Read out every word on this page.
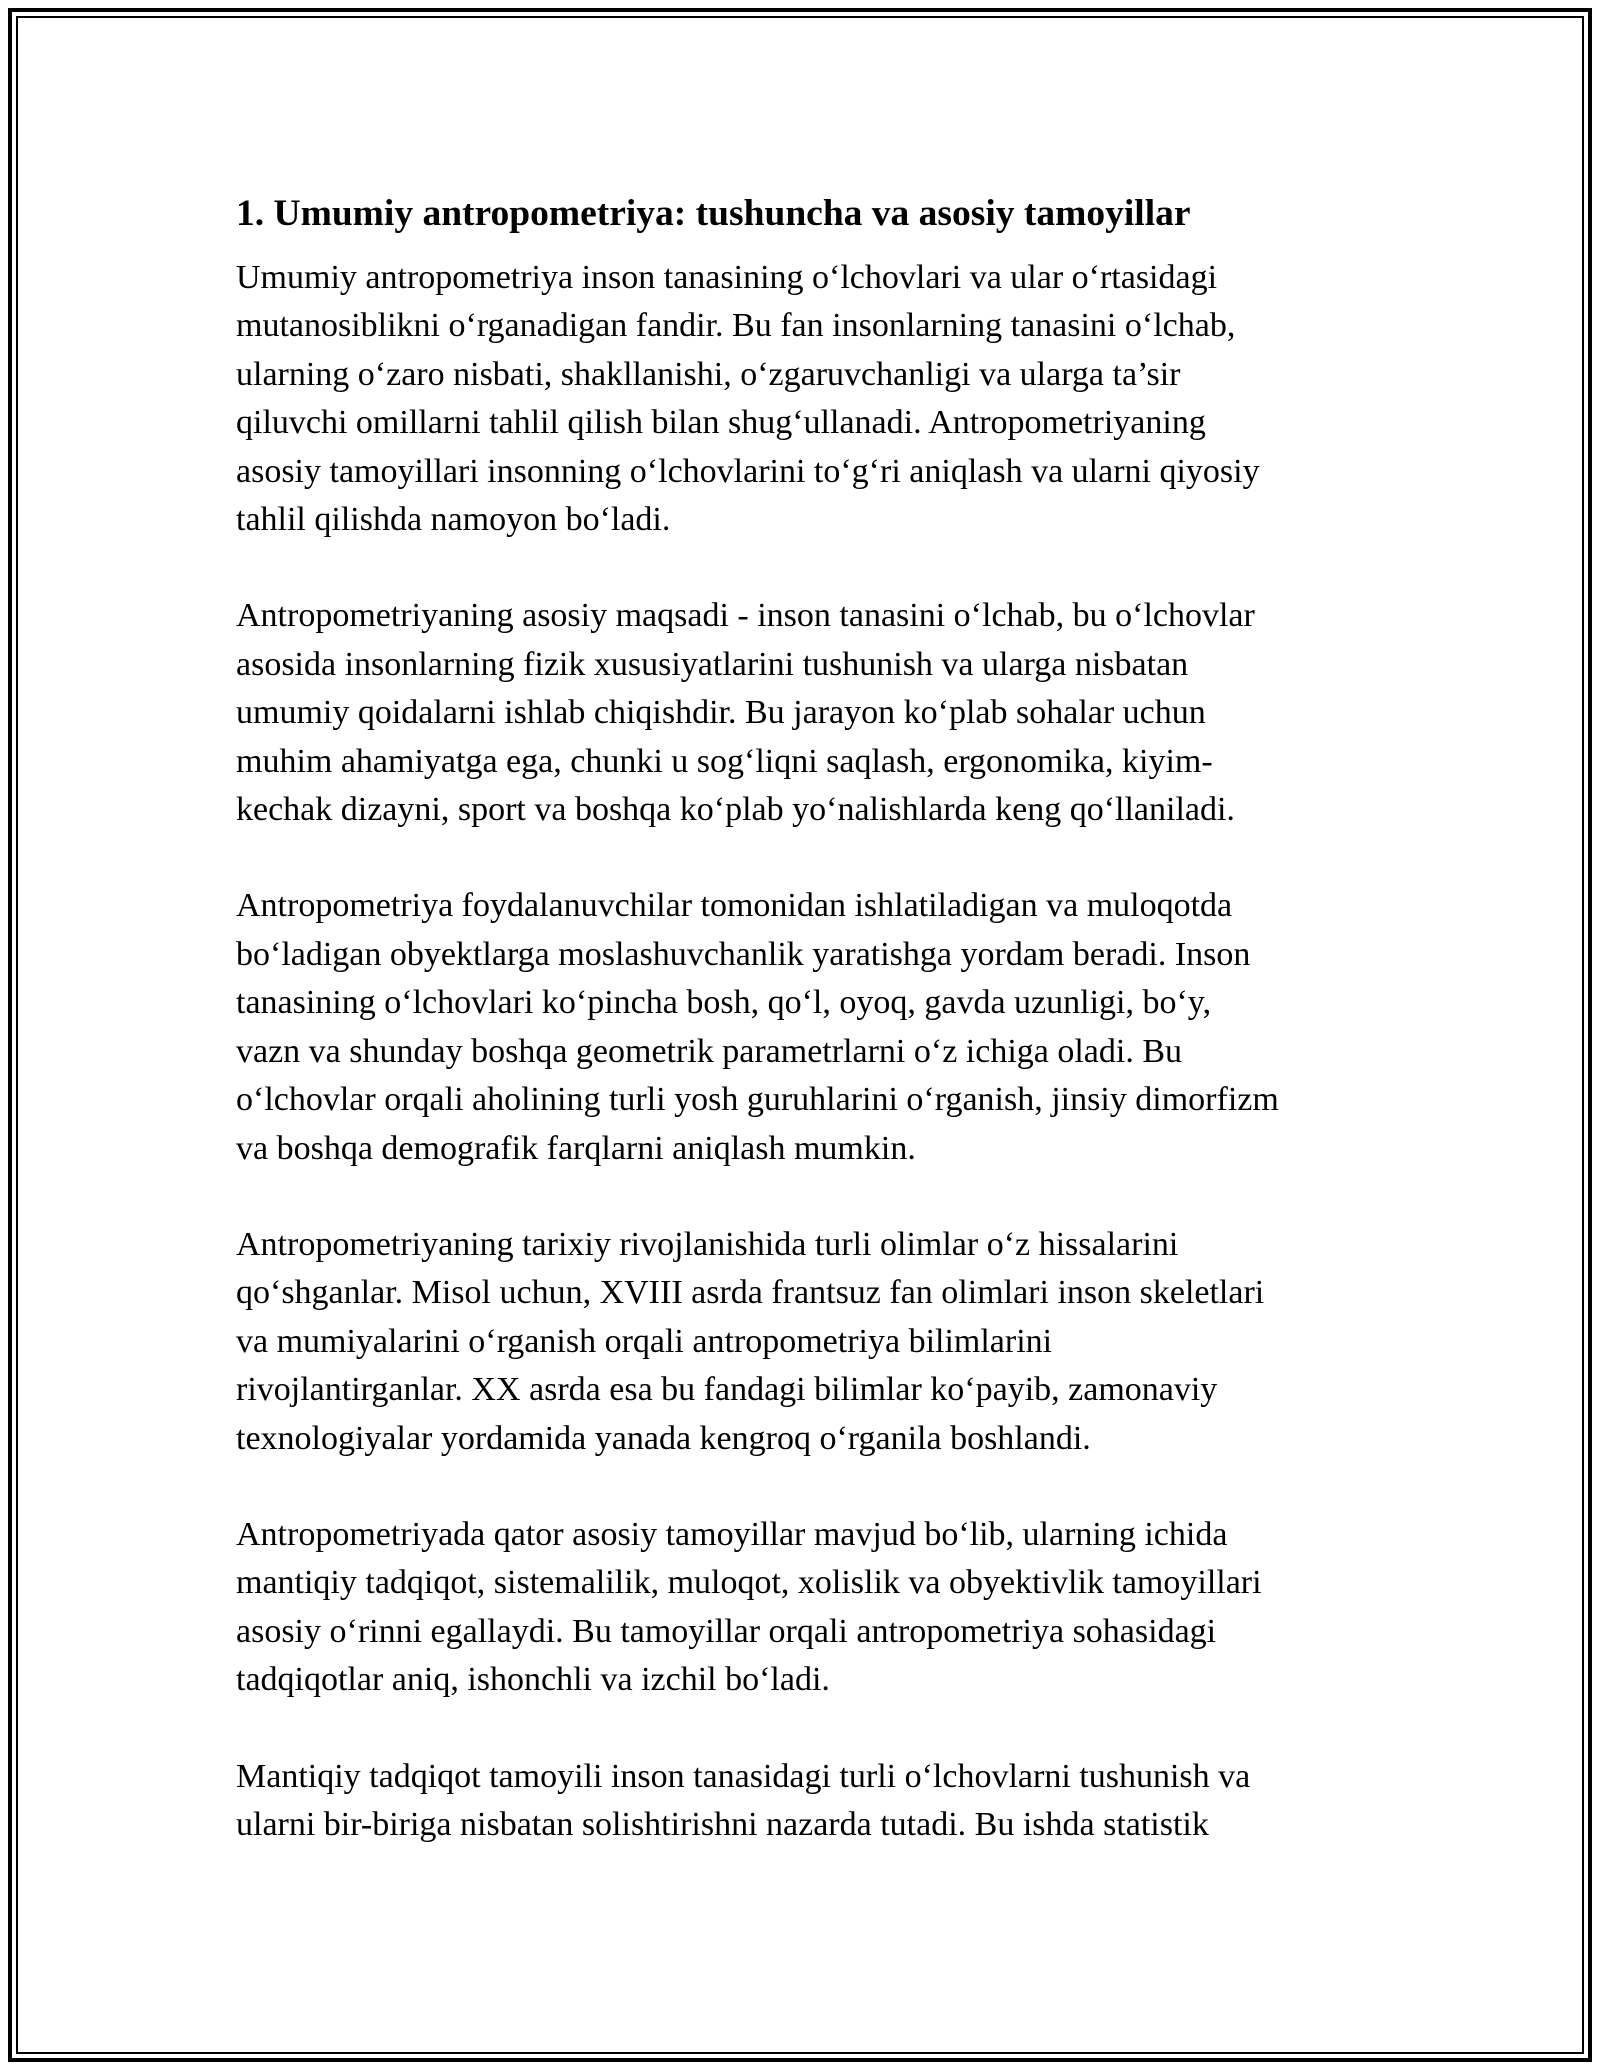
1. Umumiy antropometriya: tushuncha va asosiy tamoyillar
Umumiy antropometriya inson tanasining o‘lchovlari va ular o‘rtasidagi
mutanosiblikni o‘rganadigan fandir. Bu fan insonlarning tanasini o‘lchab,
ularning o‘zaro nisbati, shakllanishi, o‘zgaruvchanligi va ularga ta’sir
qiluvchi omillarni tahlil qilish bilan shug‘ullanadi. Antropometriyaning
asosiy tamoyillari insonning o‘lchovlarini to‘g‘ri aniqlash va ularni qiyosiy
tahlil qilishda namoyon bo‘ladi.
Antropometriyaning asosiy maqsadi - inson tanasini o‘lchab, bu o‘lchovlar
asosida insonlarning fizik xususiyatlarini tushunish va ularga nisbatan
umumiy qoidalarni ishlab chiqishdir. Bu jarayon ko‘plab sohalar uchun
muhim ahamiyatga ega, chunki u sog‘liqni saqlash, ergonomika, kiyim-
kechak dizayni, sport va boshqa ko‘plab yo‘nalishlarda keng qo‘llaniladi.
Antropometriya foydalanuvchilar tomonidan ishlatiladigan va muloqotda
bo‘ladigan obyektlarga moslashuvchanlik yaratishga yordam beradi. Inson
tanasining o‘lchovlari ko‘pincha bosh, qo‘l, oyoq, gavda uzunligi, bo‘y,
vazn va shunday boshqa geometrik parametrlarni o‘z ichiga oladi. Bu
o‘lchovlar orqali aholining turli yosh guruhlarini o‘rganish, jinsiy dimorfizm
va boshqa demografik farqlarni aniqlash mumkin.
Antropometriyaning tarixiy rivojlanishida turli olimlar o‘z hissalarini
qo‘shganlar. Misol uchun, XVIII asrda frantsuz fan olimlari inson skeletlari
va mumiyalarini o‘rganish orqali antropometriya bilimlarini
rivojlantirganlar. XX asrda esa bu fandagi bilimlar ko‘payib, zamonaviy
texnologiyalar yordamida yanada kengroq o‘rganila boshlandi.
Antropometriyada qator asosiy tamoyillar mavjud bo‘lib, ularning ichida
mantiqiy tadqiqot, sistemalilik, muloqot, xolislik va obyektivlik tamoyillari
asosiy o‘rinni egallaydi. Bu tamoyillar orqali antropometriya sohasidagi
tadqiqotlar aniq, ishonchli va izchil bo‘ladi.
Mantiqiy tadqiqot tamoyili inson tanasidagi turli o‘lchovlarni tushunish va
ularni bir-biriga nisbatan solishtirishni nazarda tutadi. Bu ishda statistik
